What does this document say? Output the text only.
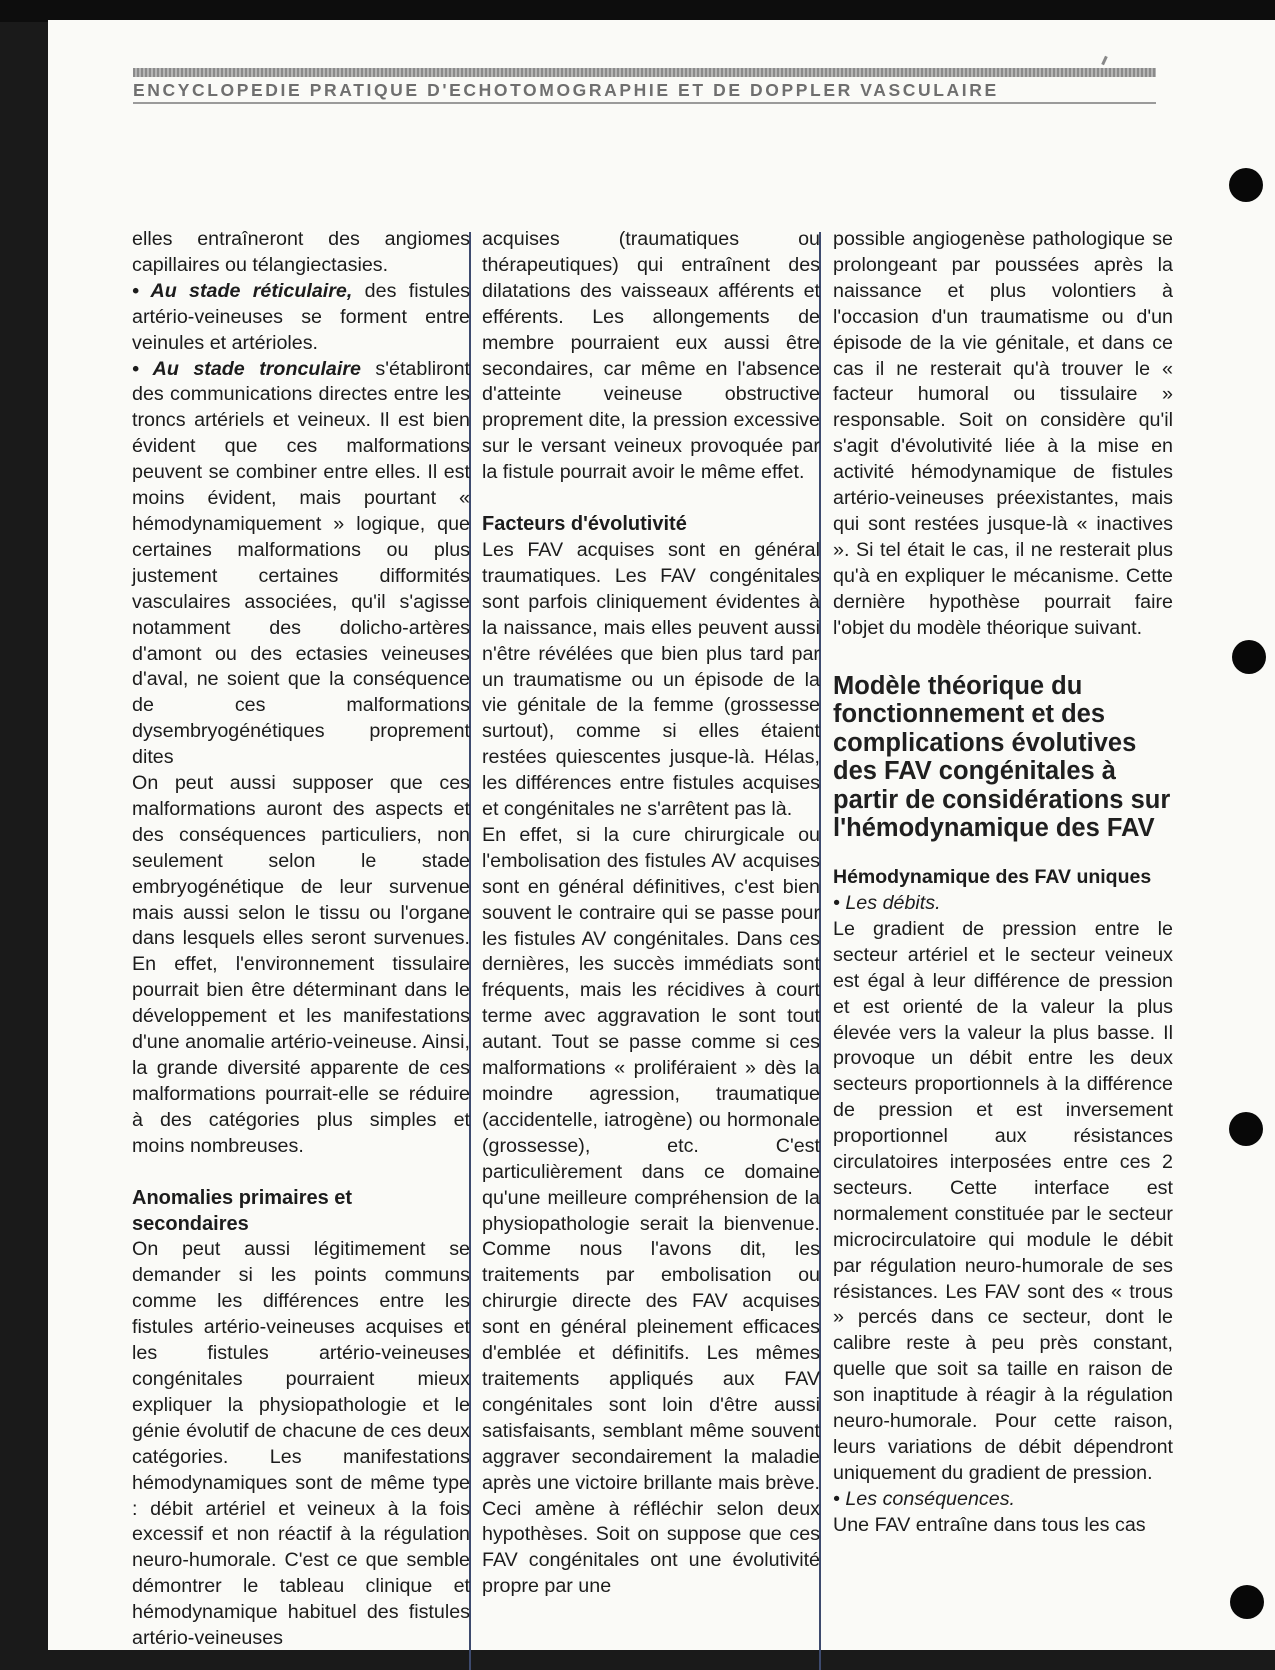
ENCYCLOPEDIE PRATIQUE D'ECHOTOMOGRAPHIE ET DE DOPPLER VASCULAIRE

elles entraîneront des angiomes capillaires ou télangiectasies.

• Au stade réticulaire, des fistules artério-veineuses se forment entre veinules et artérioles.

• Au stade tronculaire s'établiront des communications directes entre les troncs artériels et veineux. Il est bien évident que ces malformations peuvent se combiner entre elles. Il est moins évident, mais pourtant « hémodynamiquement » logique, que certaines malformations ou plus justement certaines difformités vasculaires associées, qu'il s'agisse notamment des dolicho-artères d'amont ou des ectasies veineuses d'aval, ne soient que la conséquence de ces malformations dysembryogénétiques proprement dites

On peut aussi supposer que ces malformations auront des aspects et des conséquences particuliers, non seulement selon le stade embryogénétique de leur survenue mais aussi selon le tissu ou l'organe dans lesquels elles seront survenues. En effet, l'environnement tissulaire pourrait bien être déterminant dans le développement et les manifestations d'une anomalie artério-veineuse. Ainsi, la grande diversité apparente de ces malformations pourrait-elle se réduire à des catégories plus simples et moins nombreuses.

Anomalies primaires et secondaires

On peut aussi légitimement se demander si les points communs comme les différences entre les fistules artério-veineuses acquises et les fistules artério-veineuses congénitales pourraient mieux expliquer la physiopathologie et le génie évolutif de chacune de ces deux catégories. Les manifestations hémodynamiques sont de même type : débit artériel et veineux à la fois excessif et non réactif à la régulation neuro-humorale. C'est ce que semble démontrer le tableau clinique et hémodynamique habituel des fistules artério-veineuses

acquises (traumatiques ou thérapeutiques) qui entraînent des dilatations des vaisseaux afférents et efférents. Les allongements de membre pourraient eux aussi être secondaires, car même en l'absence d'atteinte veineuse obstructive proprement dite, la pression excessive sur le versant veineux provoquée par la fistule pourrait avoir le même effet.

Facteurs d'évolutivité

Les FAV acquises sont en général traumatiques. Les FAV congénitales sont parfois cliniquement évidentes à la naissance, mais elles peuvent aussi n'être révélées que bien plus tard par un traumatisme ou un épisode de la vie génitale de la femme (grossesse surtout), comme si elles étaient restées quiescentes jusque-là. Hélas, les différences entre fistules acquises et congénitales ne s'arrêtent pas là.

En effet, si la cure chirurgicale ou l'embolisation des fistules AV acquises sont en général définitives, c'est bien souvent le contraire qui se passe pour les fistules AV congénitales. Dans ces dernières, les succès immédiats sont fréquents, mais les récidives à court terme avec aggravation le sont tout autant. Tout se passe comme si ces malformations « proliféraient » dès la moindre agression, traumatique (accidentelle, iatrogène) ou hormonale (grossesse), etc. C'est particulièrement dans ce domaine qu'une meilleure compréhension de la physiopathologie serait la bienvenue. Comme nous l'avons dit, les traitements par embolisation ou chirurgie directe des FAV acquises sont en général pleinement efficaces d'emblée et définitifs. Les mêmes traitements appliqués aux FAV congénitales sont loin d'être aussi satisfaisants, semblant même souvent aggraver secondairement la maladie après une victoire brillante mais brève. Ceci amène à réfléchir selon deux hypothèses. Soit on suppose que ces FAV congénitales ont une évolutivité propre par une

possible angiogenèse pathologique se prolongeant par poussées après la naissance et plus volontiers à l'occasion d'un traumatisme ou d'un épisode de la vie génitale, et dans ce cas il ne resterait qu'à trouver le « facteur humoral ou tissulaire » responsable. Soit on considère qu'il s'agit d'évolutivité liée à la mise en activité hémodynamique de fistules artério-veineuses préexistantes, mais qui sont restées jusque-là « inactives ». Si tel était le cas, il ne resterait plus qu'à en expliquer le mécanisme. Cette dernière hypothèse pourrait faire l'objet du modèle théorique suivant.

Modèle théorique du fonctionnement et des complications évolutives des FAV congénitales à partir de considérations sur l'hémodynamique des FAV

Hémodynamique des FAV uniques

• Les débits.

Le gradient de pression entre le secteur artériel et le secteur veineux est égal à leur différence de pression et est orienté de la valeur la plus élevée vers la valeur la plus basse. Il provoque un débit entre les deux secteurs proportionnels à la différence de pression et est inversement proportionnel aux résistances circulatoires interposées entre ces 2 secteurs. Cette interface est normalement constituée par le secteur microcirculatoire qui module le débit par régulation neuro-humorale de ses résistances. Les FAV sont des « trous » percés dans ce secteur, dont le calibre reste à peu près constant, quelle que soit sa taille en raison de son inaptitude à réagir à la régulation neuro-humorale. Pour cette raison, leurs variations de débit dépendront uniquement du gradient de pression.

• Les conséquences.

Une FAV entraîne dans tous les cas
